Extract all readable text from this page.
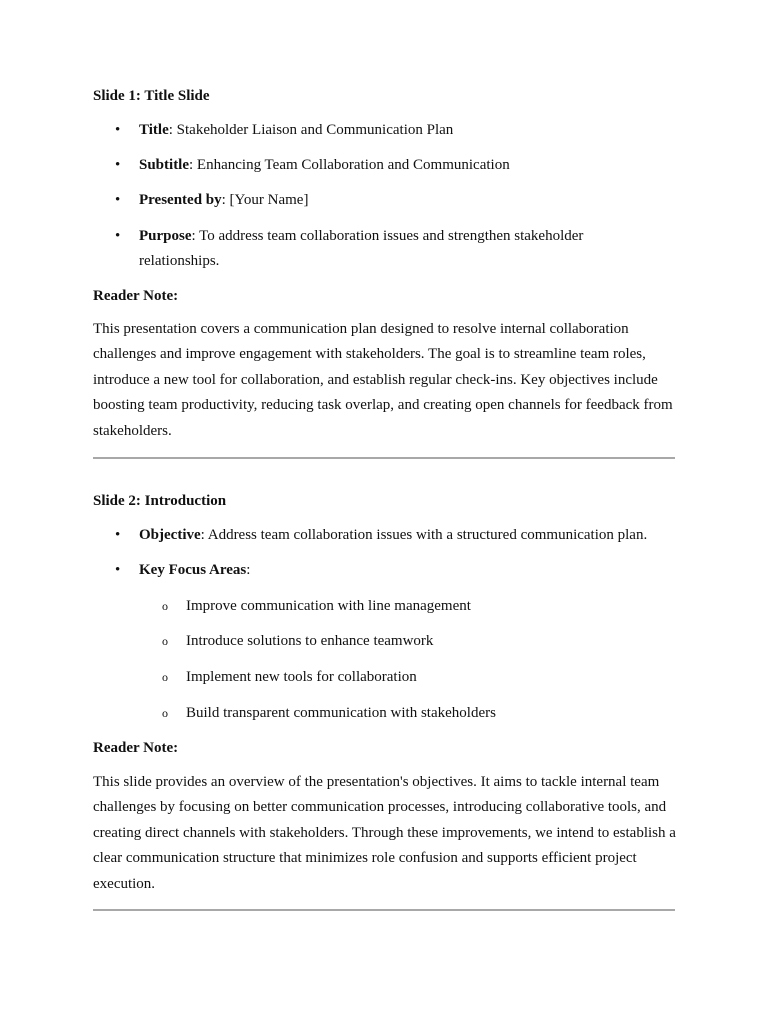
Slide 1: Title Slide
• Title: Stakeholder Liaison and Communication Plan
• Subtitle: Enhancing Team Collaboration and Communication
• Presented by: [Your Name]
• Purpose: To address team collaboration issues and strengthen stakeholder relationships.
Reader Note:
This presentation covers a communication plan designed to resolve internal collaboration challenges and improve engagement with stakeholders. The goal is to streamline team roles, introduce a new tool for collaboration, and establish regular check-ins. Key objectives include boosting team productivity, reducing task overlap, and creating open channels for feedback from stakeholders.
Slide 2: Introduction
• Objective: Address team collaboration issues with a structured communication plan.
• Key Focus Areas:
o Improve communication with line management
o Introduce solutions to enhance teamwork
o Implement new tools for collaboration
o Build transparent communication with stakeholders
Reader Note:
This slide provides an overview of the presentation's objectives. It aims to tackle internal team challenges by focusing on better communication processes, introducing collaborative tools, and creating direct channels with stakeholders. Through these improvements, we intend to establish a clear communication structure that minimizes role confusion and supports efficient project execution.
